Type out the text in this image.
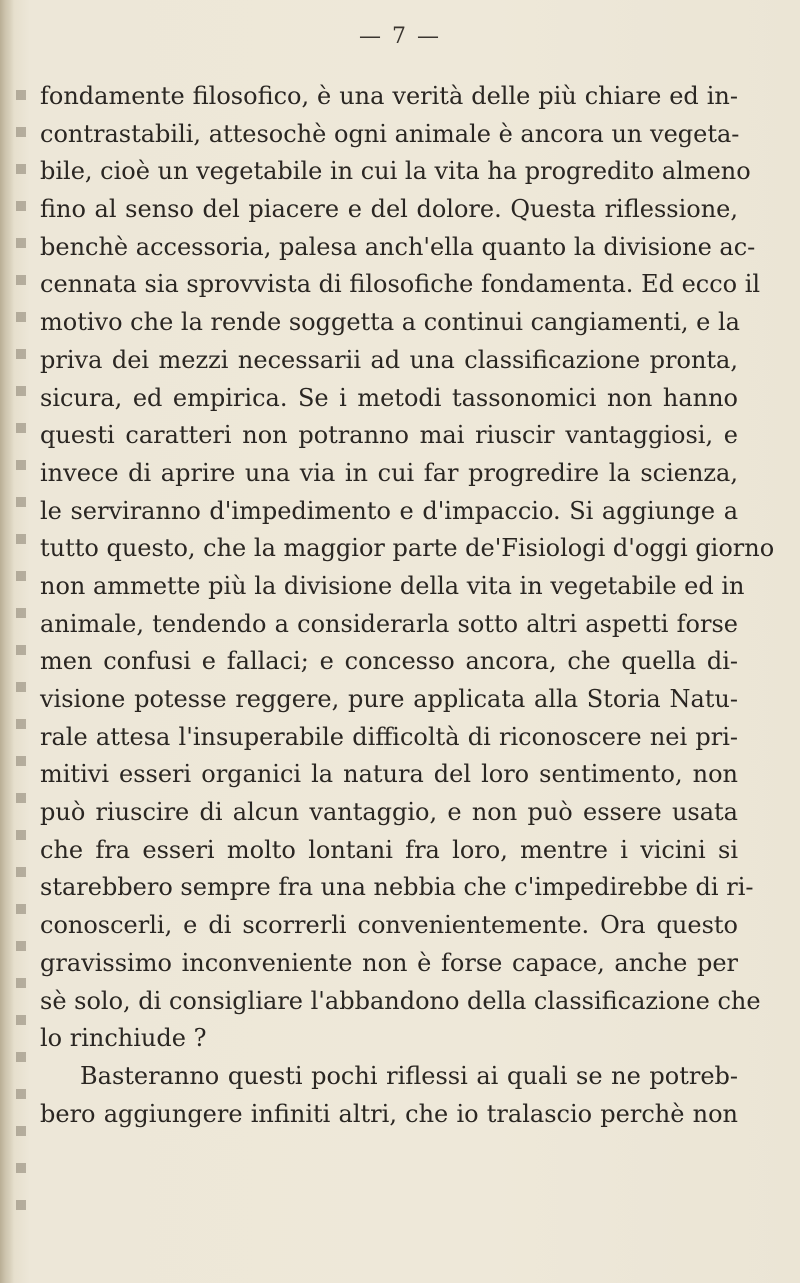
— 7 —
fondamente filosofico, è una verità delle più chiare ed in-
contrastabili, attesochè ogni animale è ancora un vegeta-
bile, cioè un vegetabile in cui la vita ha progredito almeno
fino al senso del piacere e del dolore. Questa riflessione,
benchè accessoria, palesa anch'ella quanto la divisione ac-
cennata sia sprovvista di filosofiche fondamenta. Ed ecco il
motivo che la rende soggetta a continui cangiamenti, e la
priva dei mezzi necessarii ad una classificazione pronta,
sicura, ed empirica. Se i metodi tassonomici non hanno
questi caratteri non potranno mai riuscir vantaggiosi, e
invece di aprire una via in cui far progredire la scienza,
le serviranno d'impedimento e d'impaccio. Si aggiunge a
tutto questo, che la maggior parte de'Fisiologi d'oggi giorno
non ammette più la divisione della vita in vegetabile ed in
animale, tendendo a considerarla sotto altri aspetti forse
men confusi e fallaci; e concesso ancora, che quella di-
visione potesse reggere, pure applicata alla Storia Natu-
rale attesa l'insuperabile difficoltà di riconoscere nei pri-
mitivi esseri organici la natura del loro sentimento, non
può riuscire di alcun vantaggio, e non può essere usata
che fra esseri molto lontani fra loro, mentre i vicini si
starebbero sempre fra una nebbia che c'impedirebbe di ri-
conoscerli, e di scorrerli convenientemente. Ora questo
gravissimo inconveniente non è forse capace, anche per
sè solo, di consigliare l'abbandono della classificazione che
lo rinchiude ?
Basteranno questi pochi riflessi ai quali se ne potreb-
bero aggiungere infiniti altri, che io tralascio perchè non
